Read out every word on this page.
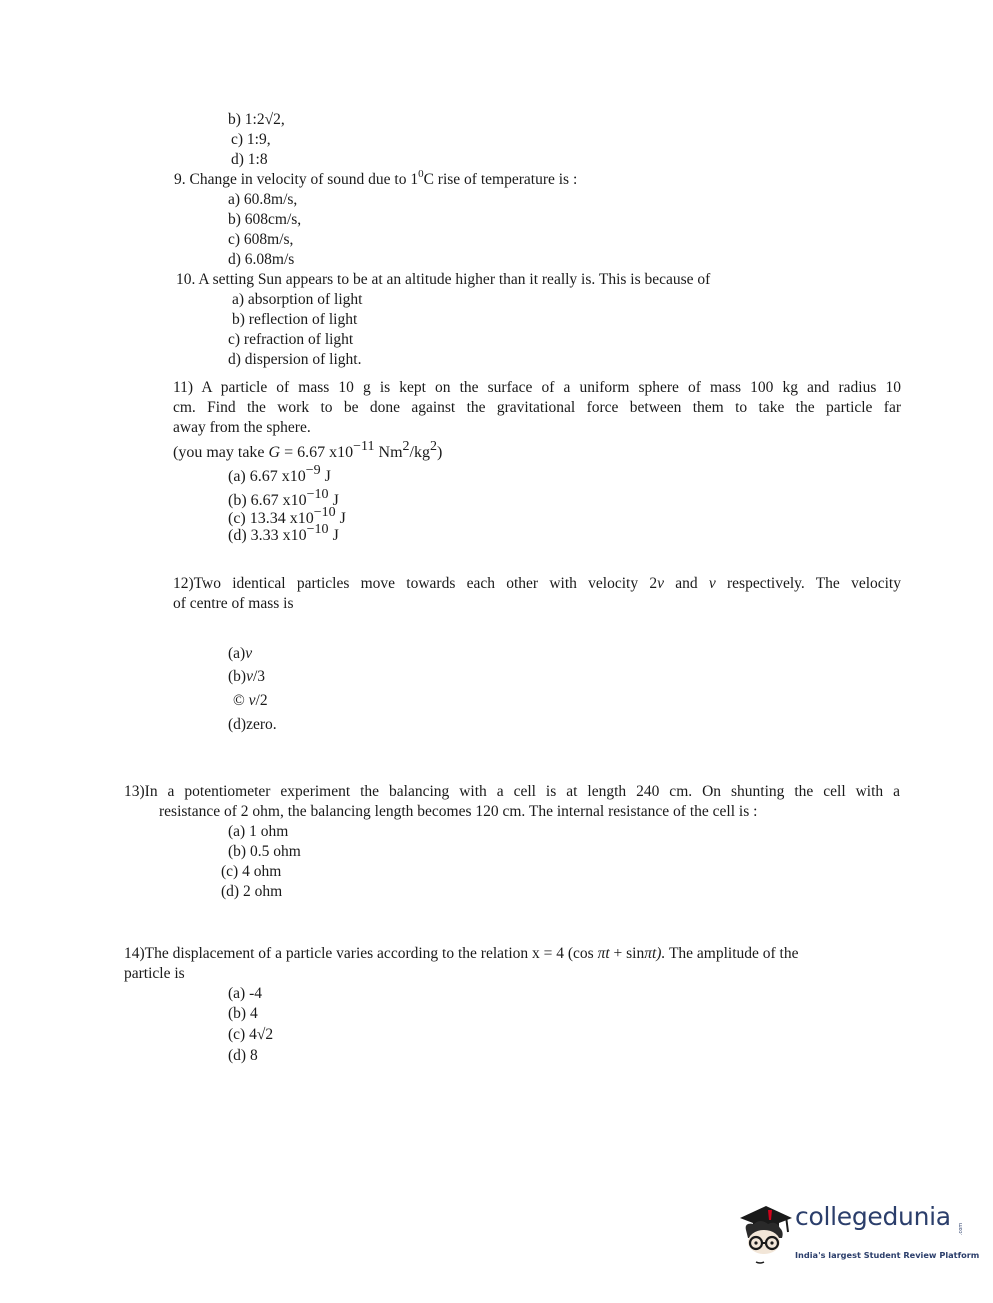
b) 1:2√2,
c) 1:9,
d) 1:8
9. Change in velocity of sound due to $1^0C$ rise of temperature is :
a) 60.8m/s,
b) 608cm/s,
c) 608m/s,
d) 6.08m/s
10. A setting Sun appears to be at an altitude higher than it really is. This is because of
a) absorption of light
b) reflection of light
c) refraction of light
d) dispersion of light.
11) A particle of mass 10 g is kept on the surface of a uniform sphere of mass 100 kg and radius 10
cm. Find the work to be done against the gravitational force between them to take the particle far
away from the sphere.
(you may take G = 6.67 x10−11 Nm2/kg2)
(a) 6.67 x10−9 J
(b) 6.67 x10−10 J
(c) 13.34 x10−10 J
(d) 3.33 x10−10 J
12)Two identical particles move towards each other with velocity 2v and v respectively. The velocity
of centre of mass is
(a)v
(b)v/3
© v/2
(d)zero.
13)In a potentiometer experiment the balancing with a cell is at length 240 cm. On shunting the cell with a
resistance of 2 ohm, the balancing length becomes 120 cm. The internal resistance of the cell is :
(a) 1 ohm
(b) 0.5 ohm
(c) 4 ohm
(d) 2 ohm
14)The displacement of a particle varies according to the relation x = 4 (cos πt + sinπt). The amplitude of the
particle is
(a) -4
(b) 4
(c) 4√2
(d) 8
collegedunia	.com
India's largest Student Review Platform
